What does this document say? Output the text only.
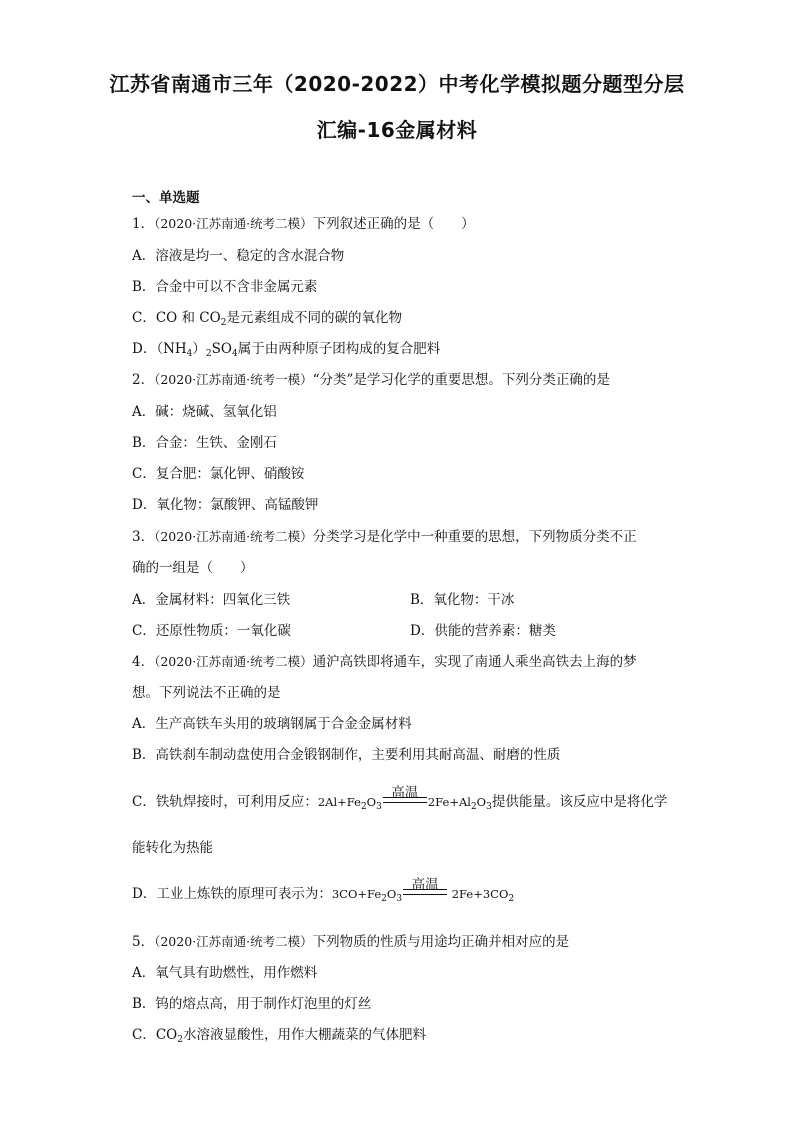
江苏省南通市三年（2020-2022）中考化学模拟题分题型分层
汇编-16金属材料
一、单选题
1．（2020·江苏南通·统考二模）下列叙述正确的是（　　）
A．溶液是均一、稳定的含水混合物
B．合金中可以不含非金属元素
C．CO 和 $CO_2$是元素组成不同的碳的氧化物
D．$(NH_4)_2SO_4$属于由两种原子团构成的复合肥料
2．（2020·江苏南通·统考一模）“分类”是学习化学的重要思想。下列分类正确的是
A．碱：烧碱、氢氧化铝
B．合金：生铁、金刚石
C．复合肥：氯化钾、硝酸铵
D．氧化物：氯酸钾、高锰酸钾
3．（2020·江苏南通·统考二模）分类学习是化学中一种重要的思想，下列物质分类不正
确的一组是（　　）
A．金属材料：四氧化三铁	B．氧化物：干冰
C．还原性物质：一氧化碳	D．供能的营养素：糖类
4．（2020·江苏南通·统考二模）通沪高铁即将通车，实现了南通人乘坐高铁去上海的梦
想。下列说法不正确的是
A．生产高铁车头用的玻璃钢属于合金金属材料
B．高铁刹车制动盘使用合金锻钢制作，主要利用其耐高温、耐磨的性质
C．铁轨焊接时，可利用反应：$2Al+Fe_2O_3$
高温
$2Fe+Al_2O_3$提供能量。该反应中是将化学
能转化为热能
D．工业上炼铁的原理可表示为：$3CO+Fe_2O_3$
高温
$2Fe+3CO_2$
5．（2020·江苏南通·统考二模）下列物质的性质与用途均正确并相对应的是
A．氧气具有助燃性，用作燃料
B．钨的熔点高，用于制作灯泡里的灯丝
C．$CO_2$水溶液显酸性，用作大棚蔬菜的气体肥料
